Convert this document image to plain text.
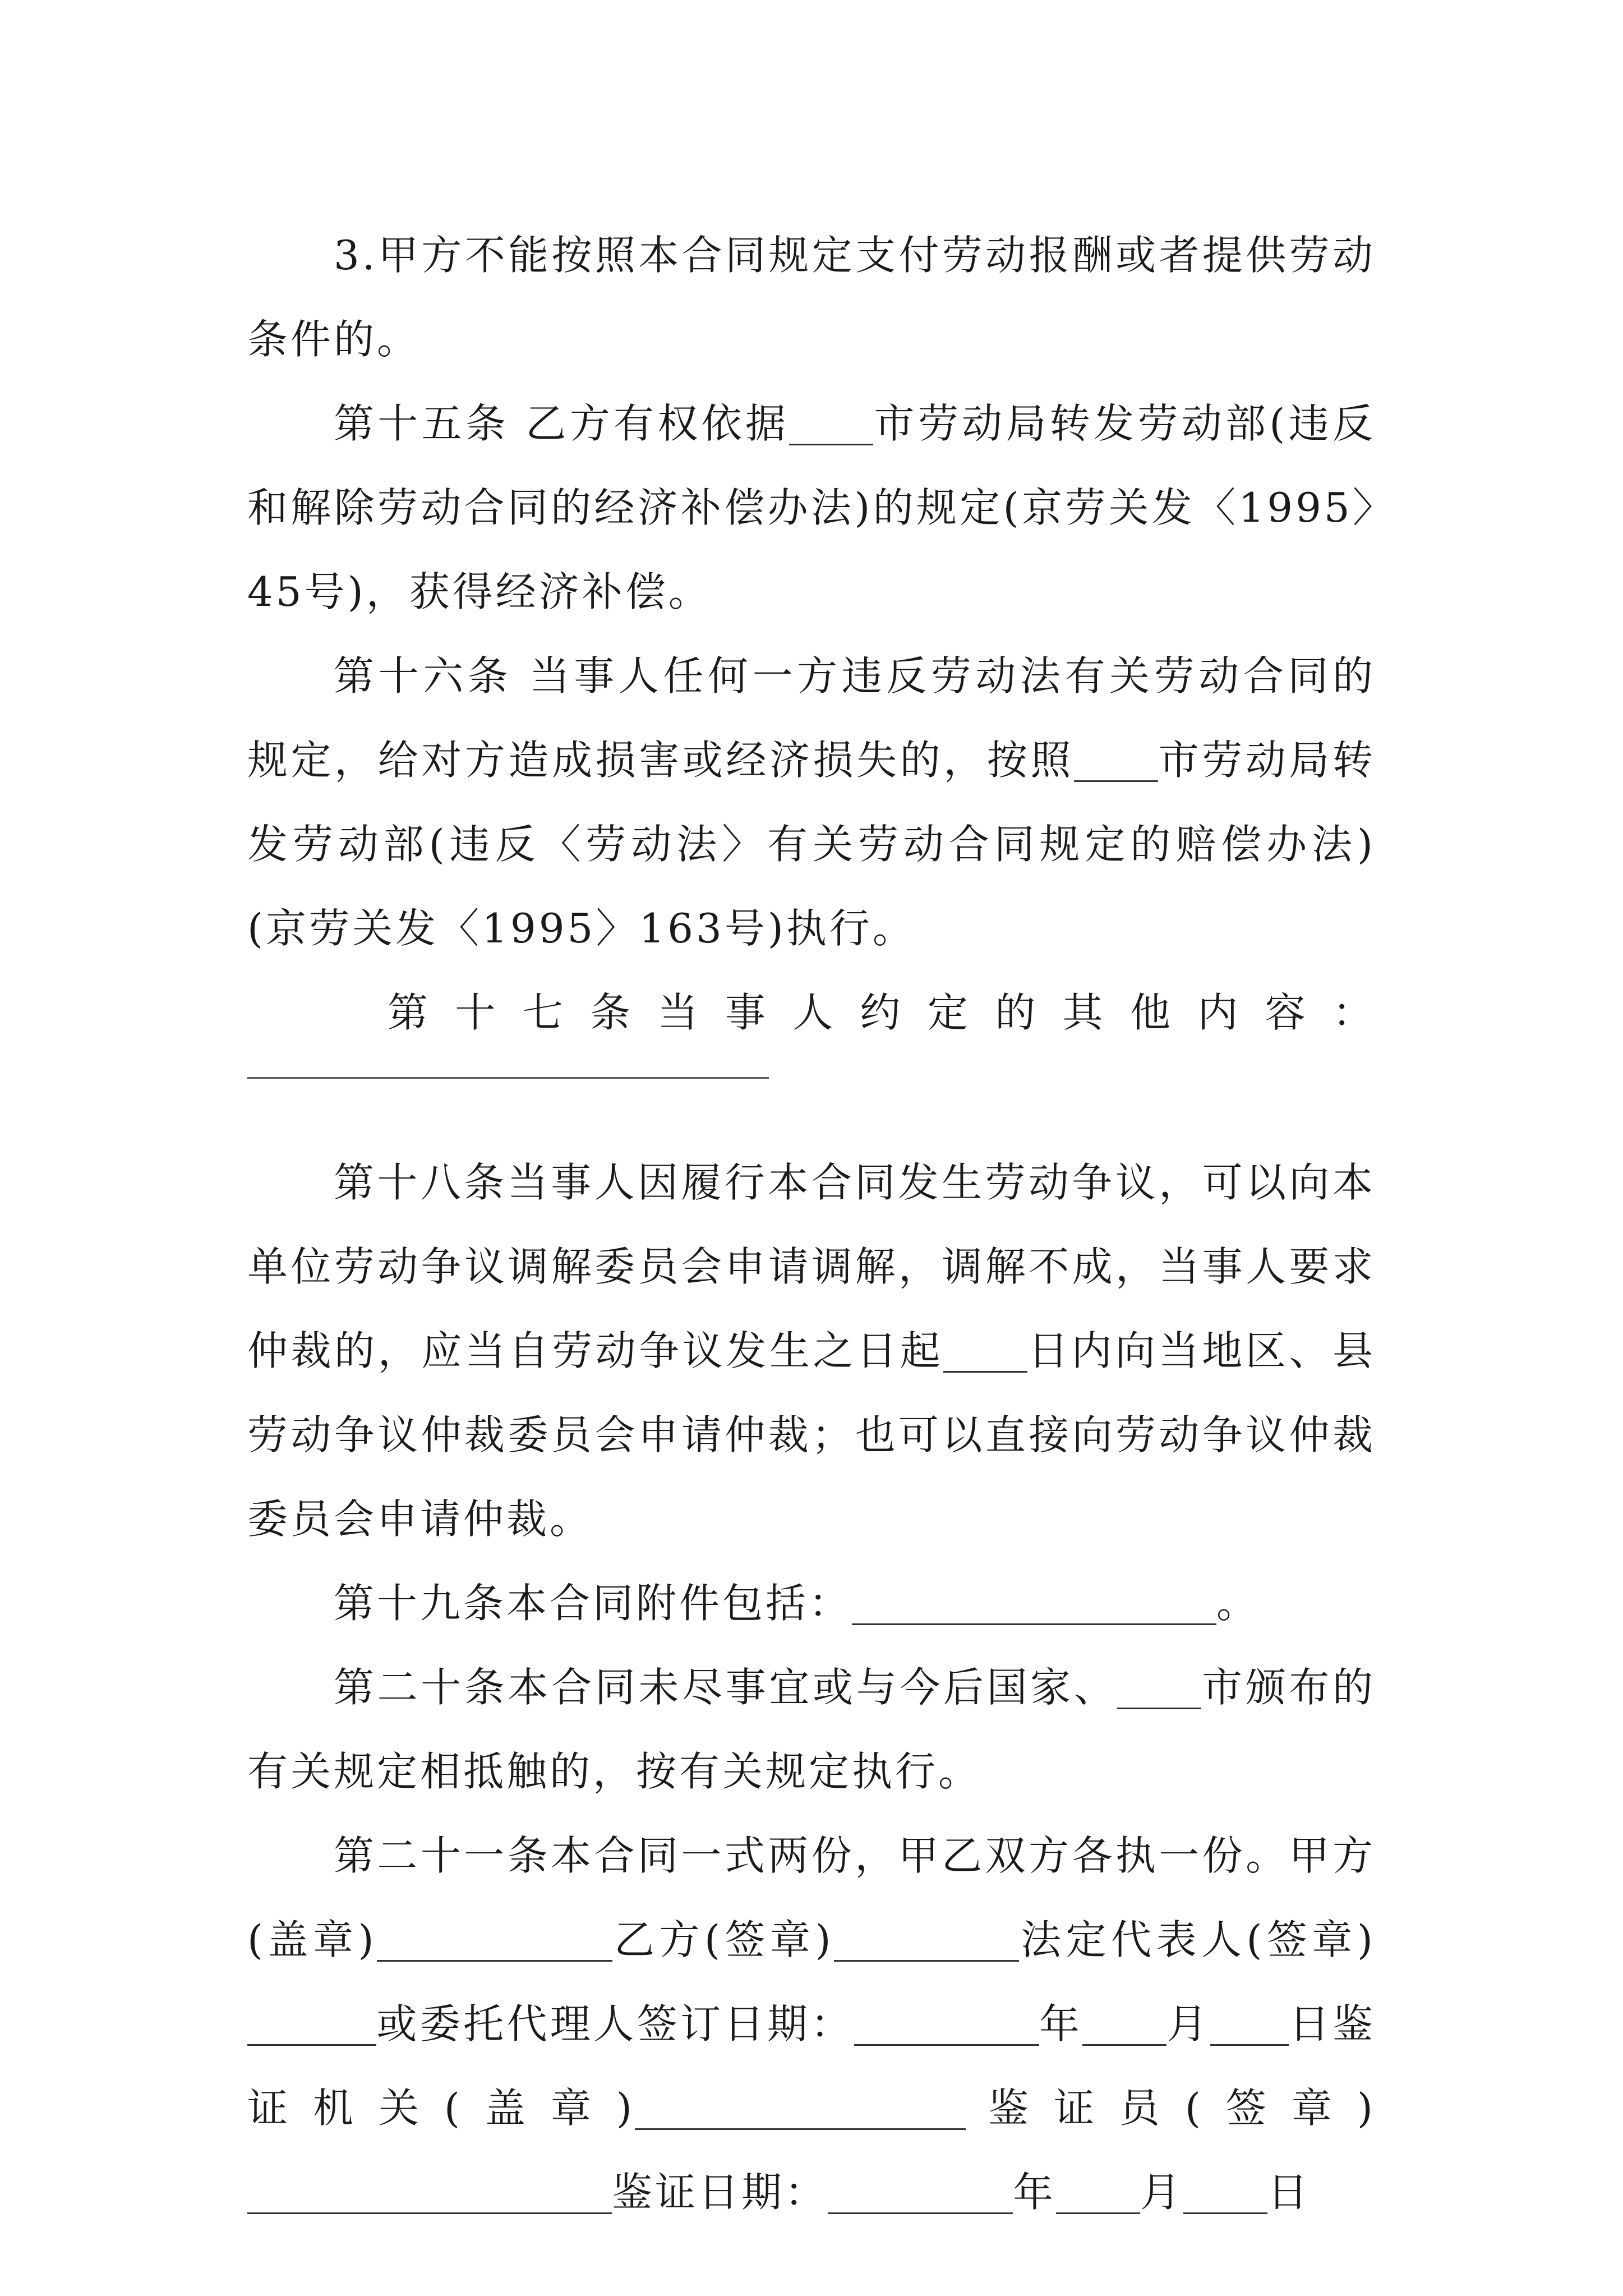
3.甲方不能按照本合同规定支付劳动报酬或者提供劳动条件的。

第十五条 乙方有权依据 市劳动局转发劳动部(违反和解除劳动合同的经济补偿办法)的规定(京劳关发〈1995〉45号)，获得经济补偿。

第十六条 当事人任何一方违反劳动法有关劳动合同的规定，给对方造成损害或经济损失的，按照 市劳动局转发劳动部(违反〈劳动法〉有关劳动合同规定的赔偿办法)(京劳关发〈1995〉163号)执行。

第十七条当事人约定的其他内容：

第十八条当事人因履行本合同发生劳动争议，可以向本单位劳动争议调解委员会申请调解，调解不成，当事人要求仲裁的，应当自劳动争议发生之日起 日内向当地区、县劳动争议仲裁委员会申请仲裁；也可以直接向劳动争议仲裁委员会申请仲裁。

第十九条本合同附件包括：	。

第二十条本合同未尽事宜或与今后国家、 市颁布的有关规定相抵触的，按有关规定执行。

第二十一条本合同一式两份，甲乙双方各执一份。甲方(盖章)	乙方(签章)	法定代表人(签章)或委托代理人签订日期：	年 月 日鉴证机关(盖章)	鉴证员(签章)鉴证日期：	年 月 日
